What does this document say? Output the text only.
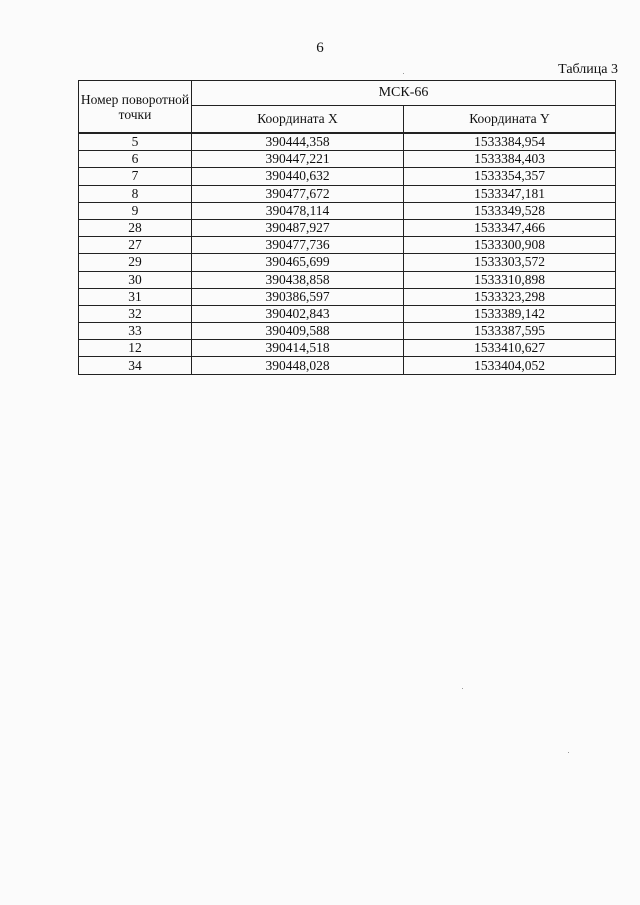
6
Таблица 3
Номер поворотной точки	МСК-66	
	Координата X	Координата Y
5	390444,358	1533384,954
6	390447,221	1533384,403
7	390440,632	1533354,357
8	390477,672	1533347,181
9	390478,114	1533349,528
28	390487,927	1533347,466
27	390477,736	1533300,908
29	390465,699	1533303,572
30	390438,858	1533310,898
31	390386,597	1533323,298
32	390402,843	1533389,142
33	390409,588	1533387,595
12	390414,518	1533410,627
34	390448,028	1533404,052
